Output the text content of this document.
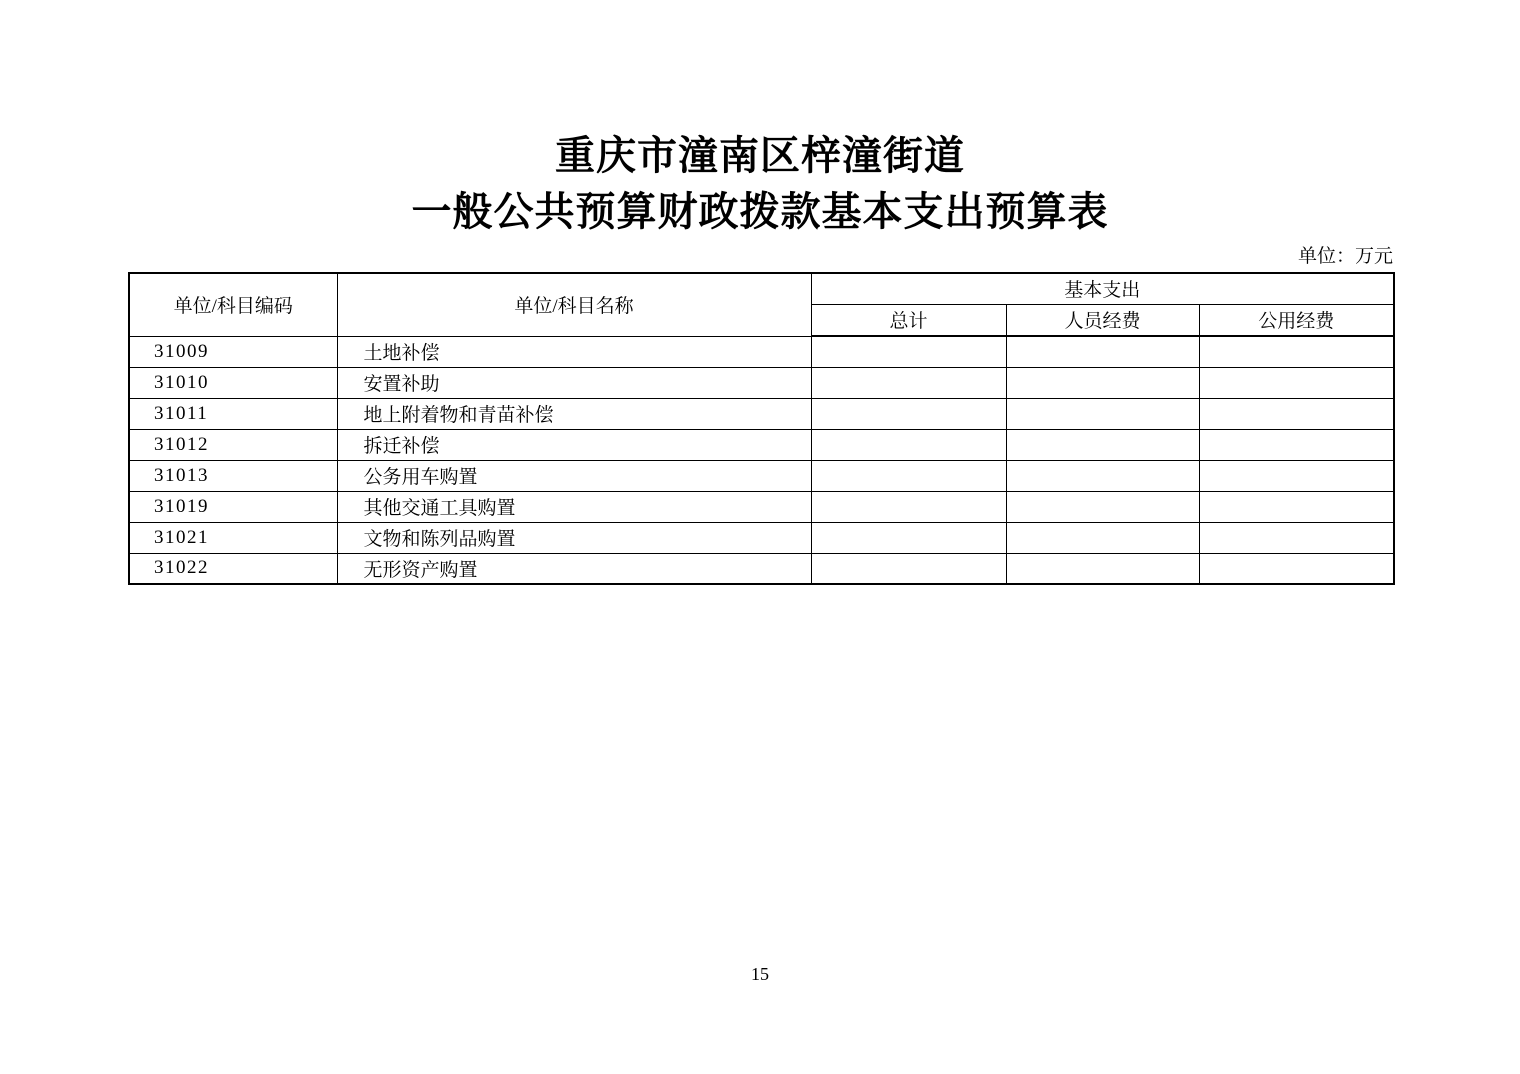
重庆市潼南区梓潼街道
一般公共预算财政拨款基本支出预算表
单位：万元
单位/科目编码	单位/科目名称	基本支出		
		总计	人员经费	公用经费
31009	土地补偿			
31010	安置补助			
31011	地上附着物和青苗补偿			
31012	拆迁补偿			
31013	公务用车购置			
31019	其他交通工具购置			
31021	文物和陈列品购置			
31022	无形资产购置			
15
